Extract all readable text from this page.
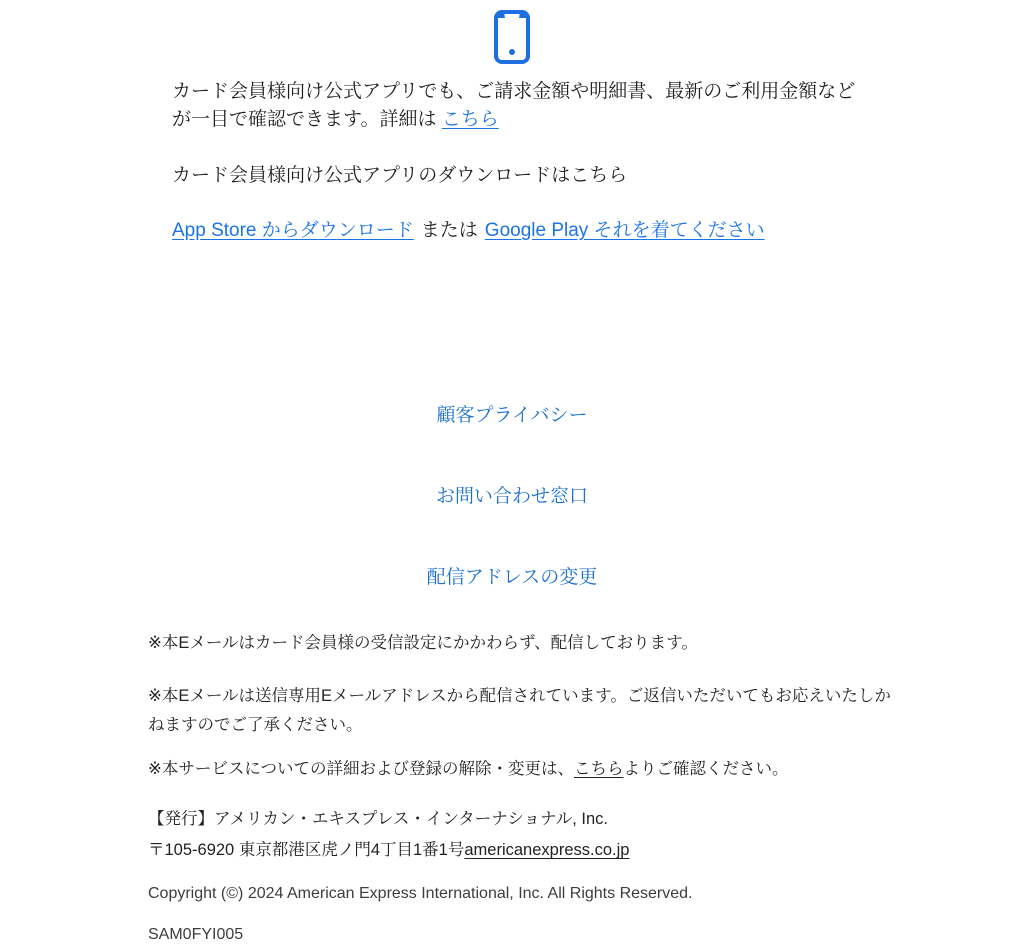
カード会員様向け公式アプリでも、ご請求金額や明細書、最新のご利用金額などが一目で確認できます。詳細は こちら

カード会員様向け公式アプリのダウンロードはこちら

App Store からダウンロード または Google Play それを着てください

顧客プライバシー
お問い合わせ窓口
配信アドレスの変更

※本Eメールはカード会員様の受信設定にかかわらず、配信しております。

※本Eメールは送信専用Eメールアドレスから配信されています。ご返信いただいてもお応えいたしかねますのでご了承ください。

※本サービスについての詳細および登録の解除・変更は、こちらよりご確認ください。

【発行】アメリカン・エキスプレス・インターナショナル, Inc.
〒105-6920 東京都港区虎ノ門4丁目1番1号americanexpress.co.jp

Copyright (©) 2024 American Express International, Inc. All Rights Reserved.

SAM0FYI005
